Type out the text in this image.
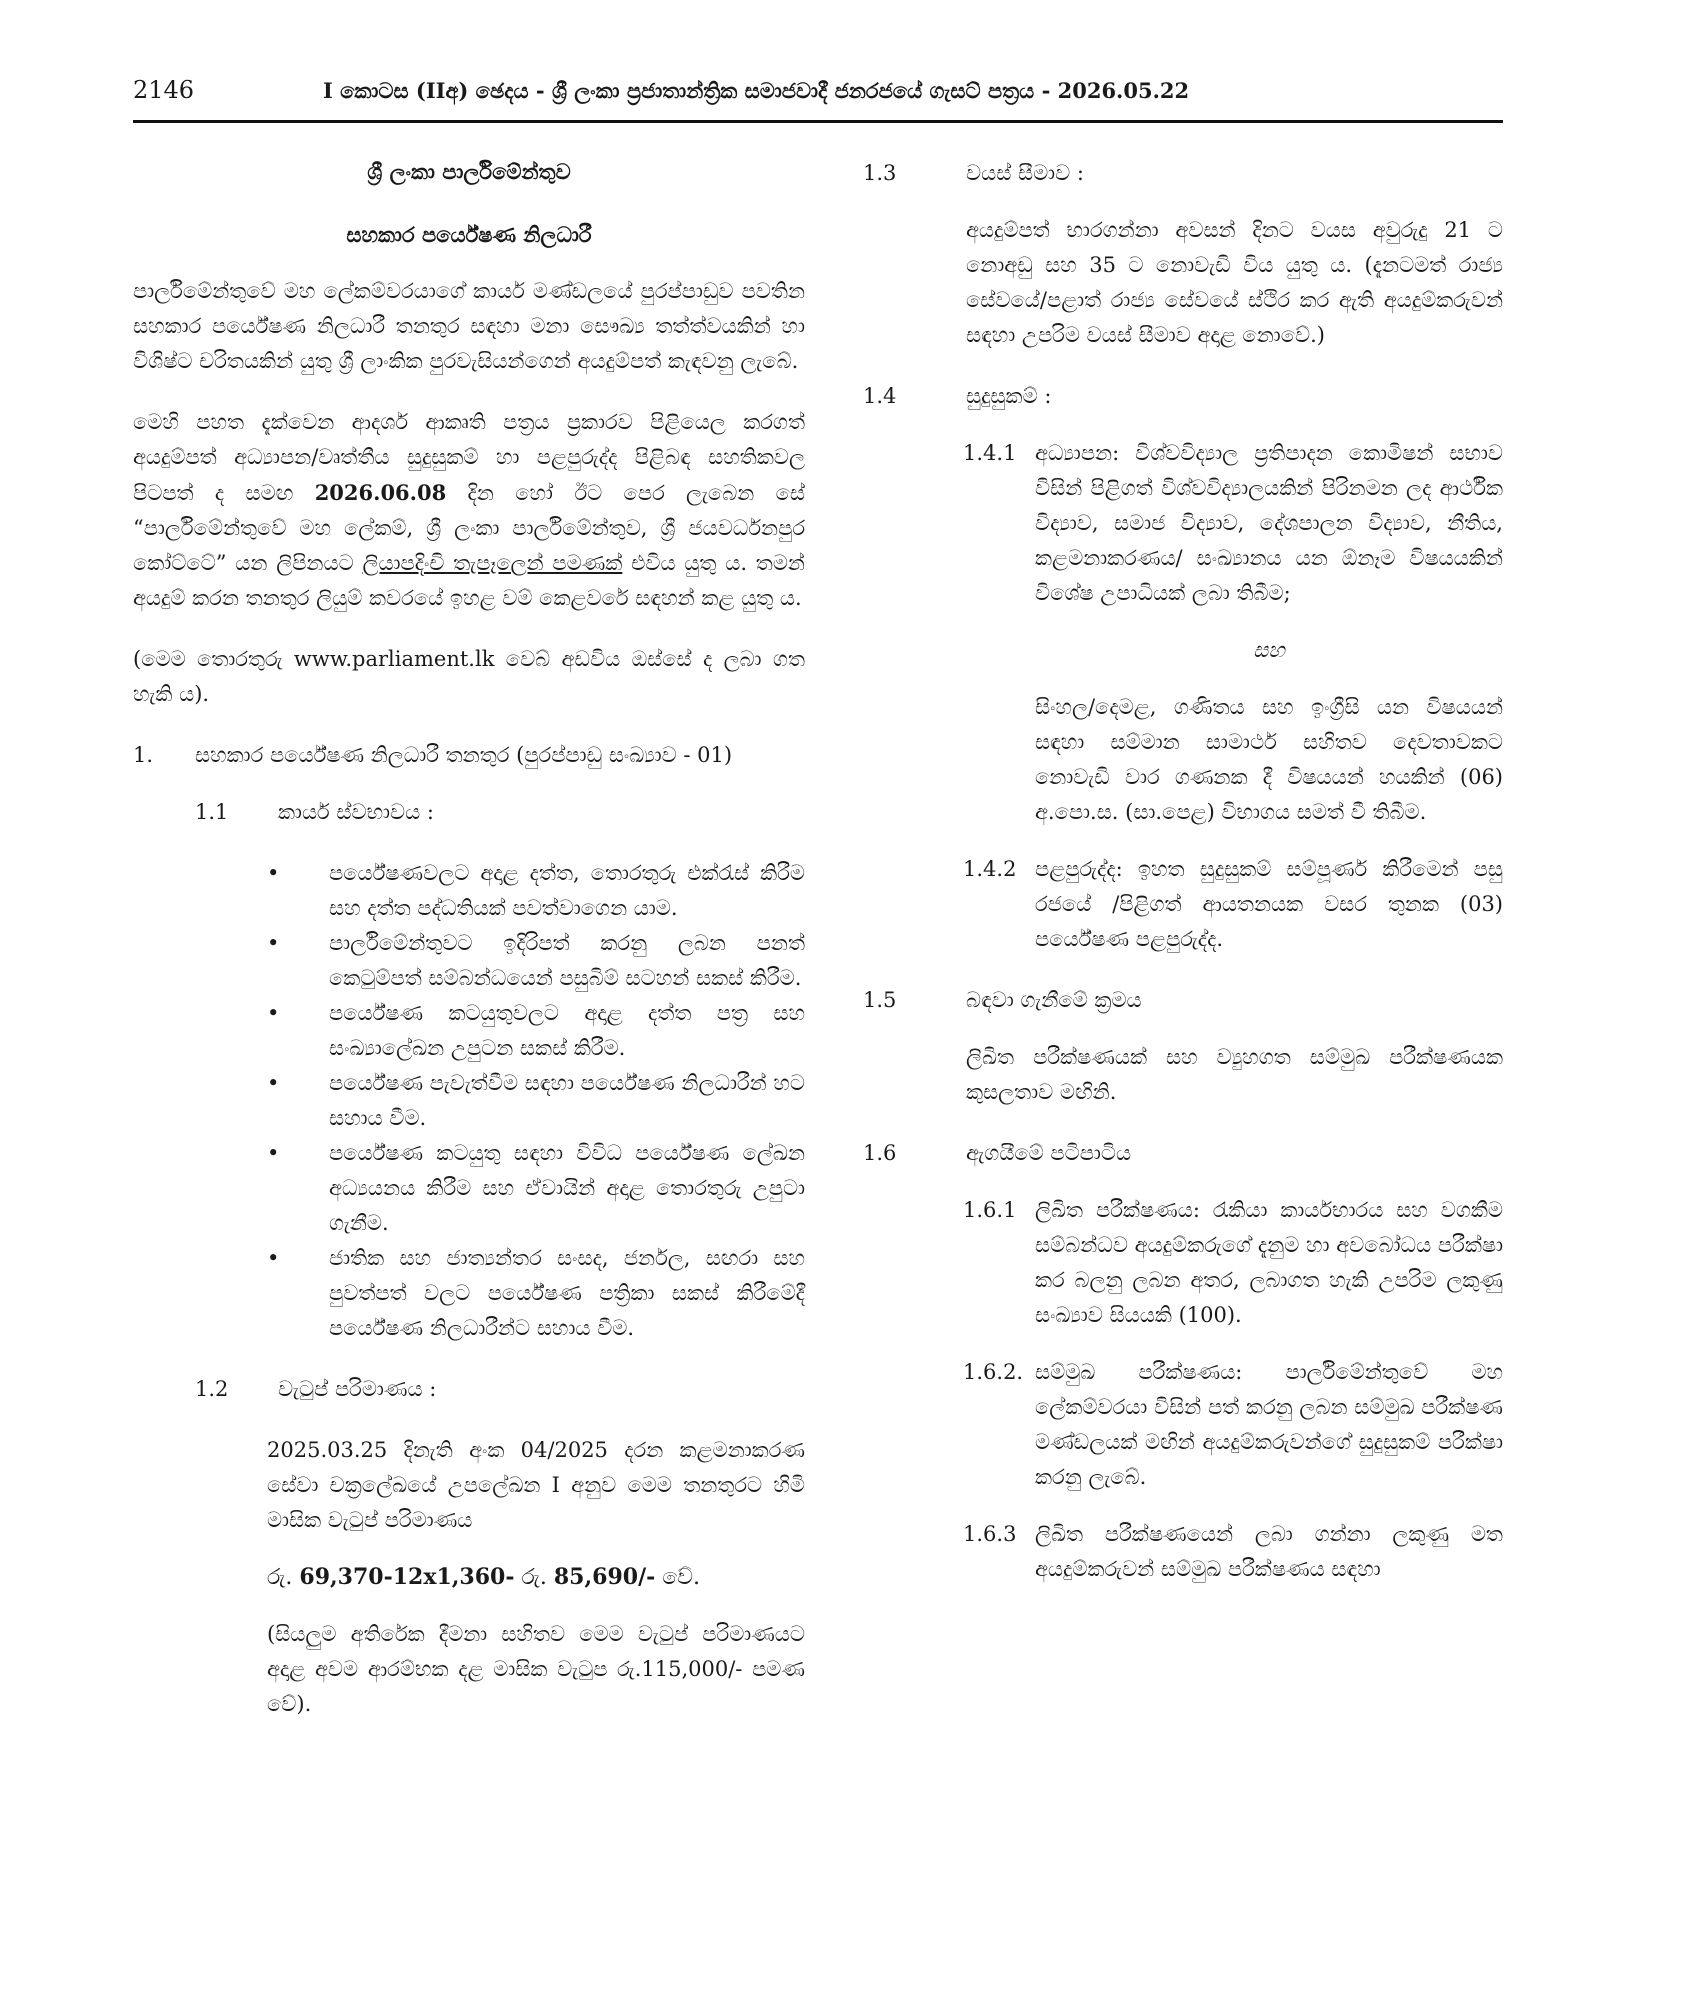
2146	I කොටස (IIඅ) ඡෙදය - ශ්‍රී ලංකා ප්‍රජාතාන්ත්‍රික සමාජවාදී ජනරජයේ ගැසට් පත්‍රය - 2026.05.22

ශ්‍රී ලංකා පාර්ලිමේන්තුව

සහකාර පර්යේෂණ නිලධාරී

පාර්ලිමේන්තුවේ මහ ලේකම්වරයාගේ කාර්ය මණ්ඩලයේ පුරප්පාඩුව පවතින සහකාර පර්යේෂණ නිලධාරී තනතුර සඳහා මනා සෞඛ්‍ය තත්ත්වයකින් හා විශිෂ්ට චරිතයකින් යුතු ශ්‍රී ලාංකික පුරවැසියන්ගෙන් අයදුම්පත් කැඳවනු ලැබේ.

මෙහි පහත දැක්වෙන ආදර්ශ ආකෘති පත්‍රය ප්‍රකාරව පිළියෙල කරගත් අයදුම්පත් අධ්‍යාපන/වෘත්තීය සුදුසුකම් හා පළපුරුද්ද පිළිබඳ සහතිකවල පිටපත් ද සමඟ 2026.06.08 දින හෝ ඊට පෙර ලැබෙන සේ “පාර්ලිමේන්තුවේ මහ ලේකම්, ශ්‍රී ලංකා පාර්ලිමේන්තුව, ශ්‍රී ජයවර්ධනපුර කෝට්ටේ” යන ලිපිනයට ලියාපදිංචි තැපෑලෙන් පමණක් එවිය යුතු ය. තමන් අයදුම් කරන තනතුර ලියුම් කවරයේ ඉහළ වම් කෙළවරේ සඳහන් කළ යුතු ය.

(මෙම තොරතුරු www.parliament.lk වෙබ් අඩවිය ඔස්සේ ද ලබා ගත හැකි ය).

1. සහකාර පර්යේෂණ නිලධාරී තනතුර (පුරප්පාඩු සංඛ්‍යාව - 01)

1.1 කාර්ය ස්වභාවය :

• පර්යේෂණවලට අදාළ දත්ත, තොරතුරු එක්රැස් කිරීම සහ දත්ත පද්ධතියක් පවත්වාගෙන යාම.
• පාර්ලිමේන්තුවට ඉදිරිපත් කරනු ලබන පනත් කෙටුම්පත් සම්බන්ධයෙන් පසුබිම් සටහන් සකස් කිරීම.
• පර්යේෂණ කටයුතුවලට අදාළ දත්ත පත්‍ර සහ සංඛ්‍යාලේඛන උපුටන සකස් කිරීම.
• පර්යේෂණ පැවැත්වීම සඳහා පර්යේෂණ නිලධාරීන් හට සහාය වීම.
• පර්යේෂණ කටයුතු සඳහා විවිධ පර්යේෂණ ලේඛන අධ්‍යයනය කිරීම සහ ඒවායින් අදාළ තොරතුරු උපුටා ගැනීම.
• ජාතික සහ ජාත්‍යන්තර සංසද, ජර්නල, සඟරා සහ පුවත්පත් වලට පර්යේෂණ පත්‍රිකා සකස් කිරීමේදී පර්යේෂණ නිලධාරීන්ට සහාය වීම.
1.2 වැටුප් පරිමාණය :

2025.03.25 දිනැති අංක 04/2025 දරන කළමනාකරණ සේවා චක්‍රලේඛයේ උපලේඛන I අනුව මෙම තනතුරට හිමි මාසික වැටුප් පරිමාණය

රු. 69,370-12x1,360- රු. 85,690/- වේ.

(සියලුම අතිරේක දීමනා සහිතව මෙම වැටුප් පරිමාණයට අදාළ අවම ආරම්භක දළ මාසික වැටුප රු.115,000/- පමණ වේ).

1.3	වයස් සීමාව :

අයදුම්පත් භාරගන්නා අවසන් දිනට වයස අවුරුදු 21 ට නොඅඩු සහ 35 ට නොවැඩි විය යුතු ය. (දැනටමත් රාජ්‍ය සේවයේ/පළාත් රාජ්‍ය සේවයේ ස්ථිර කර ඇති අයදුම්කරුවන් සඳහා උපරිම වයස් සීමාව අදාළ නොවේ.)

1.4	සුදුසුකම් :

1.4.1 අධ්‍යාපන: විශ්වවිද්‍යාල ප්‍රතිපාදන කොමිෂන් සභාව විසින් පිළිගත් විශ්වවිද්‍යාලයකින් පිරිනමන ලද ආර්ථික විද්‍යාව, සමාජ විද්‍යාව, දේශපාලන විද්‍යාව, නීතිය, කළමනාකරණය/ සංඛ්‍යානය යන ඕනෑම විෂයයකින් විශේෂ උපාධියක් ලබා තිබීම;

සහ

සිංහල/දෙමළ, ගණිතය සහ ඉංග්‍රීසි යන විෂයයන් සඳහා සම්මාන සාමාර්ථ සහිතව දෙවතාවකට නොවැඩි වාර ගණනක දී විෂයයන් හයකින් (06) අ.පො.ස. (සා.පෙළ) විභාගය සමත් වී තිබීම.

1.4.2 පළපුරුද්ද: ඉහත සුදුසුකම් සම්පූර්ණ කිරීමෙන් පසු රජයේ /පිළිගත් ආයතනයක වසර තුනක (03) පර්යේෂණ පළපුරුද්ද.

1.5	බඳවා ගැනීමේ ක්‍රමය

ලිඛිත පරීක්ෂණයක් සහ ව්‍යුහගත සම්මුඛ පරීක්ෂණයක කුසලතාව මඟිනි.

1.6	ඇගයීමේ පටිපාටිය

1.6.1 ලිඛිත පරීක්ෂණය: රැකියා කාර්යභාරය සහ වගකීම සම්බන්ධව අයදුම්කරුගේ දැනුම හා අවබෝධය පරීක්ෂා කර බලනු ලබන අතර, ලබාගත හැකි උපරිම ලකුණු සංඛ්‍යාව සියයකි (100).

1.6.2. සම්මුඛ පරීක්ෂණය: පාර්ලිමේන්තුවේ මහ ලේකම්වරයා විසින් පත් කරනු ලබන සම්මුඛ පරීක්ෂණ මණ්ඩලයක් මඟින් අයදුම්කරුවන්ගේ සුදුසුකම් පරීක්ෂා කරනු ලැබේ.

1.6.3 ලිඛිත පරීක්ෂණයෙන් ලබා ගන්නා ලකුණු මත අයදුම්කරුවන් සම්මුඛ පරීක්ෂණය සඳහා
